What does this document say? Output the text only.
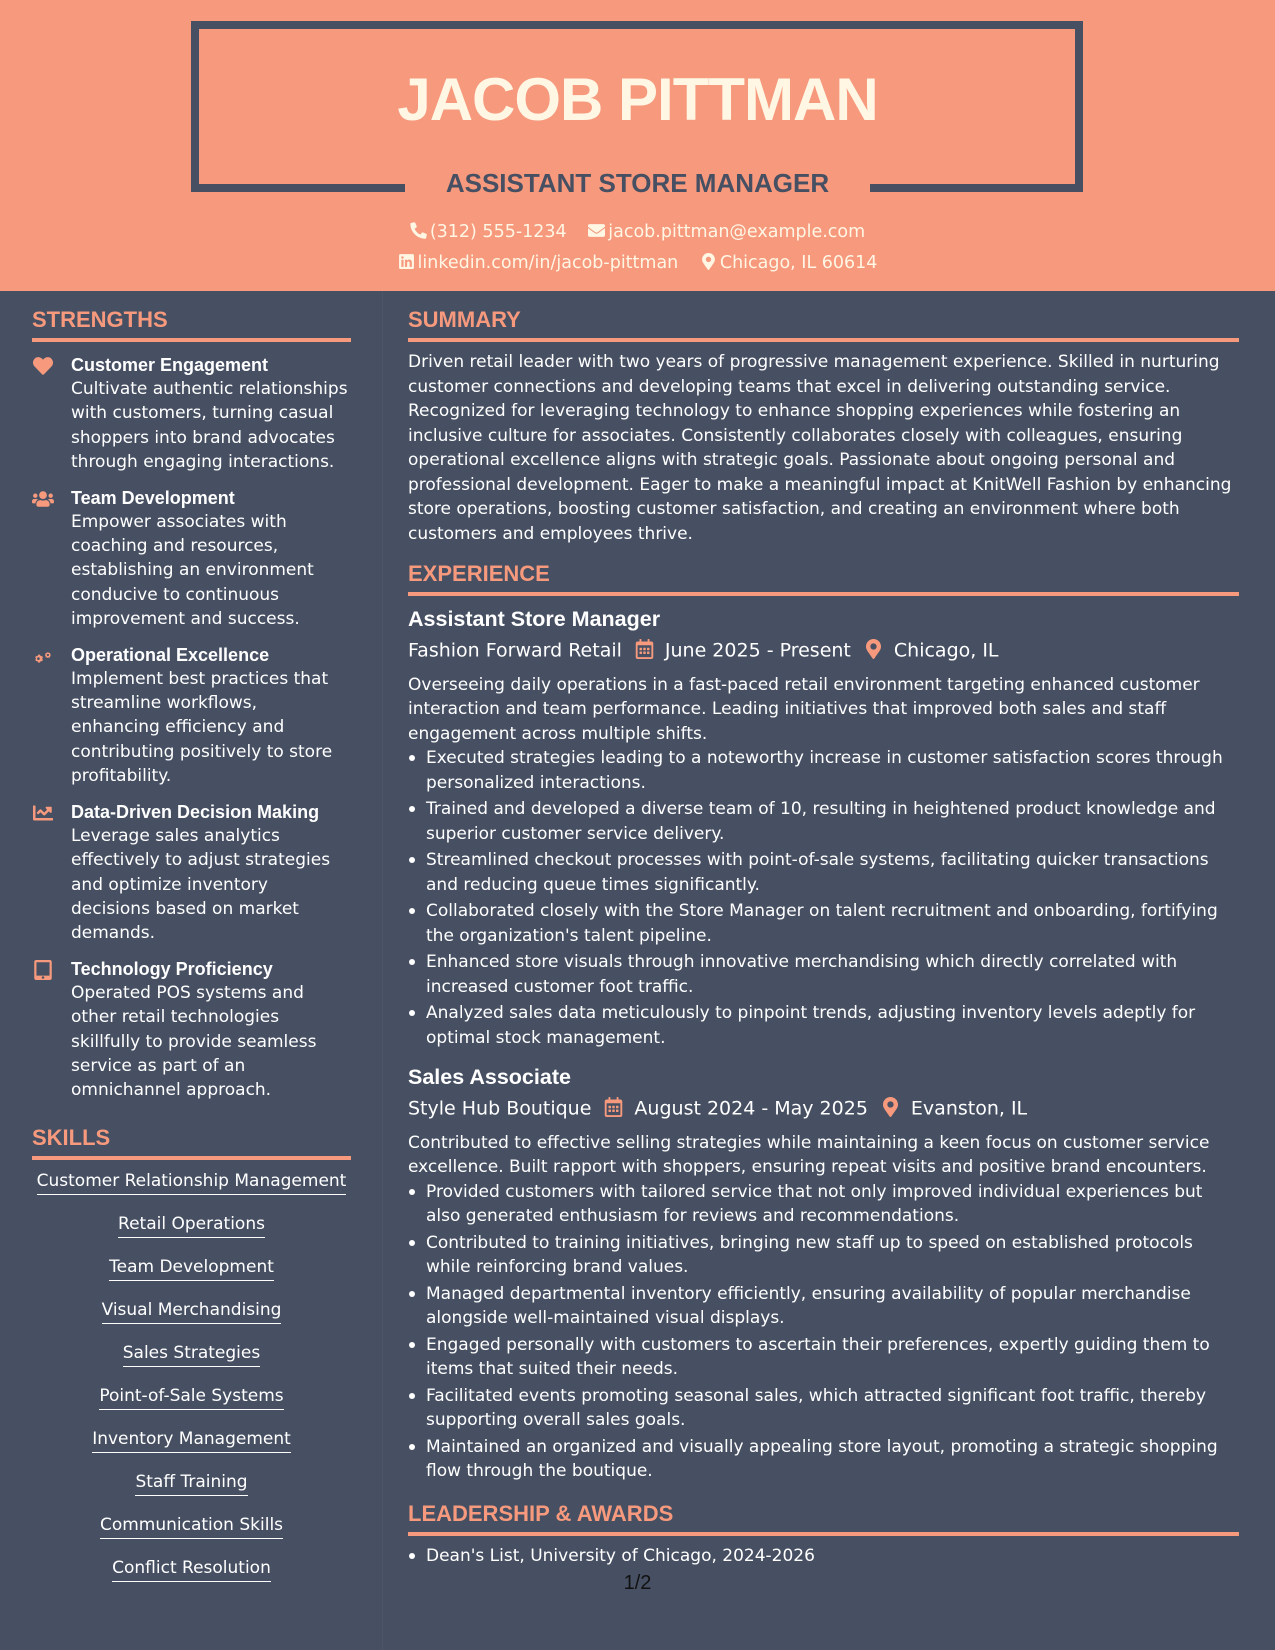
JACOB PITTMAN
ASSISTANT STORE MANAGER
(312) 555-1234 jacob.pittman@example.com
linkedin.com/in/jacob-pittman Chicago, IL 60614
STRENGTHS
Customer Engagement
Cultivate authentic relationships with customers, turning casual shoppers into brand advocates through engaging interactions.
Team Development
Empower associates with coaching and resources, establishing an environment conducive to continuous improvement and success.
Operational Excellence
Implement best practices that streamline workflows, enhancing efficiency and contributing positively to store profitability.
Data-Driven Decision Making
Leverage sales analytics effectively to adjust strategies and optimize inventory decisions based on market demands.
Technology Proficiency
Operated POS systems and other retail technologies skillfully to provide seamless service as part of an omnichannel approach.
SKILLS
Customer Relationship Management
Retail Operations
Team Development
Visual Merchandising
Sales Strategies
Point-of-Sale Systems
Inventory Management
Staff Training
Communication Skills
Conflict Resolution
SUMMARY
Driven retail leader with two years of progressive management experience. Skilled in nurturing customer connections and developing teams that excel in delivering outstanding service. Recognized for leveraging technology to enhance shopping experiences while fostering an inclusive culture for associates. Consistently collaborates closely with colleagues, ensuring operational excellence aligns with strategic goals. Passionate about ongoing personal and professional development. Eager to make a meaningful impact at KnitWell Fashion by enhancing store operations, boosting customer satisfaction, and creating an environment where both customers and employees thrive.
EXPERIENCE
Assistant Store Manager
Fashion Forward Retail June 2025 - Present Chicago, IL
Overseeing daily operations in a fast-paced retail environment targeting enhanced customer interaction and team performance. Leading initiatives that improved both sales and staff engagement across multiple shifts.
Executed strategies leading to a noteworthy increase in customer satisfaction scores through personalized interactions.
Trained and developed a diverse team of 10, resulting in heightened product knowledge and superior customer service delivery.
Streamlined checkout processes with point-of-sale systems, facilitating quicker transactions and reducing queue times significantly.
Collaborated closely with the Store Manager on talent recruitment and onboarding, fortifying the organization's talent pipeline.
Enhanced store visuals through innovative merchandising which directly correlated with increased customer foot traffic.
Analyzed sales data meticulously to pinpoint trends, adjusting inventory levels adeptly for optimal stock management.
Sales Associate
Style Hub Boutique August 2024 - May 2025 Evanston, IL
Contributed to effective selling strategies while maintaining a keen focus on customer service excellence. Built rapport with shoppers, ensuring repeat visits and positive brand encounters.
Provided customers with tailored service that not only improved individual experiences but also generated enthusiasm for reviews and recommendations.
Contributed to training initiatives, bringing new staff up to speed on established protocols while reinforcing brand values.
Managed departmental inventory efficiently, ensuring availability of popular merchandise alongside well-maintained visual displays.
Engaged personally with customers to ascertain their preferences, expertly guiding them to items that suited their needs.
Facilitated events promoting seasonal sales, which attracted significant foot traffic, thereby supporting overall sales goals.
Maintained an organized and visually appealing store layout, promoting a strategic shopping flow through the boutique.
LEADERSHIP & AWARDS
Dean's List, University of Chicago, 2024-2026
1/2
